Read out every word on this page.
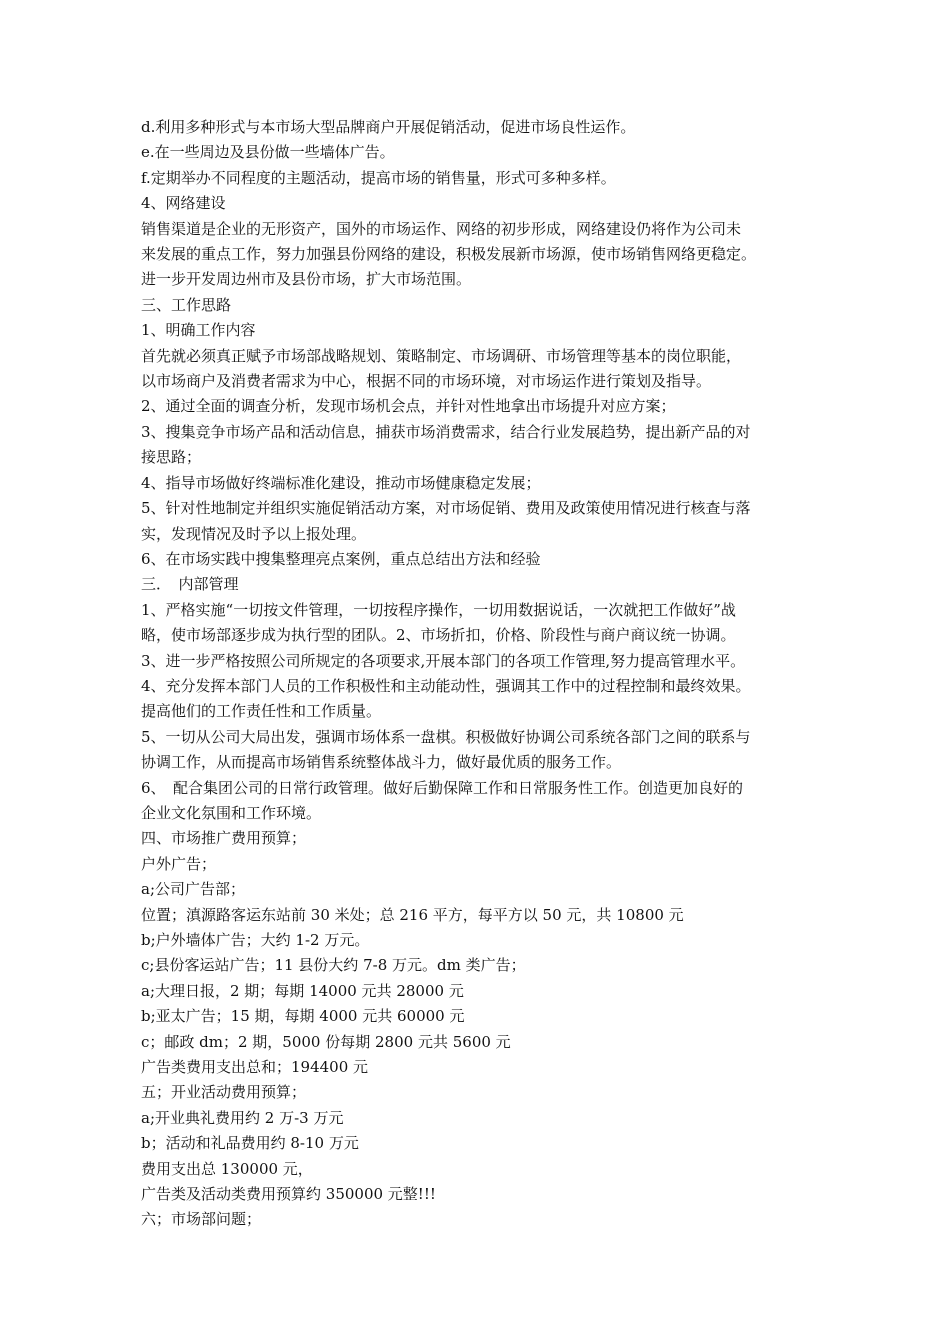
d.利用多种形式与本市场大型品牌商户开展促销活动，促进市场良性运作。

e.在一些周边及县份做一些墙体广告。

f.定期举办不同程度的主题活动，提高市场的销售量，形式可多种多样。

4、网络建设

销售渠道是企业的无形资产，国外的市场运作、网络的初步形成，网络建设仍将作为公司未

来发展的重点工作，努力加强县份网络的建设，积极发展新市场源，使市场销售网络更稳定。

进一步开发周边州市及县份市场，扩大市场范围。

三、工作思路

1、明确工作内容

首先就必须真正赋予市场部战略规划、策略制定、市场调研、市场管理等基本的岗位职能，

以市场商户及消费者需求为中心，根据不同的市场环境，对市场运作进行策划及指导。

2、通过全面的调查分析，发现市场机会点，并针对性地拿出市场提升对应方案；

3、搜集竞争市场产品和活动信息，捕获市场消费需求，结合行业发展趋势，提出新产品的对

接思路；

4、指导市场做好终端标准化建设，推动市场健康稳定发展；

5、针对性地制定并组织实施促销活动方案，对市场促销、费用及政策使用情况进行核查与落

实，发现情况及时予以上报处理。

6、在市场实践中搜集整理亮点案例，重点总结出方法和经验

三．　内部管理

1、严格实施“一切按文件管理，一切按程序操作，一切用数据说话，一次就把工作做好”战

略，使市场部逐步成为执行型的团队。2、市场折扣，价格、阶段性与商户商议统一协调。

3、进一步严格按照公司所规定的各项要求,开展本部门的各项工作管理,努力提高管理水平。

4、充分发挥本部门人员的工作积极性和主动能动性，强调其工作中的过程控制和最终效果。

提高他们的工作责任性和工作质量。

5、一切从公司大局出发，强调市场体系一盘棋。积极做好协调公司系统各部门之间的联系与

协调工作，从而提高市场销售系统整体战斗力，做好最优质的服务工作。

6、　配合集团公司的日常行政管理。做好后勤保障工作和日常服务性工作。创造更加良好的

企业文化氛围和工作环境。

四、市场推广费用预算；

户外广告；

a;公司广告部；

位置；滇源路客运东站前 30 米处；总 216 平方，每平方以 50 元，共 10800 元

b;户外墙体广告；大约 1-2 万元。

c;县份客运站广告；11 县份大约 7-8 万元。dm 类广告；

a;大理日报，2 期；每期 14000 元共 28000 元

b;亚太广告；15 期，每期 4000 元共 60000 元

c；邮政 dm；2 期，5000 份每期 2800 元共 5600 元

广告类费用支出总和；194400 元

五；开业活动费用预算；

a;开业典礼费用约 2 万-3 万元

b；活动和礼品费用约 8-10 万元

费用支出总 130000 元，

广告类及活动类费用预算约 350000 元整!!!

六；市场部问题；
